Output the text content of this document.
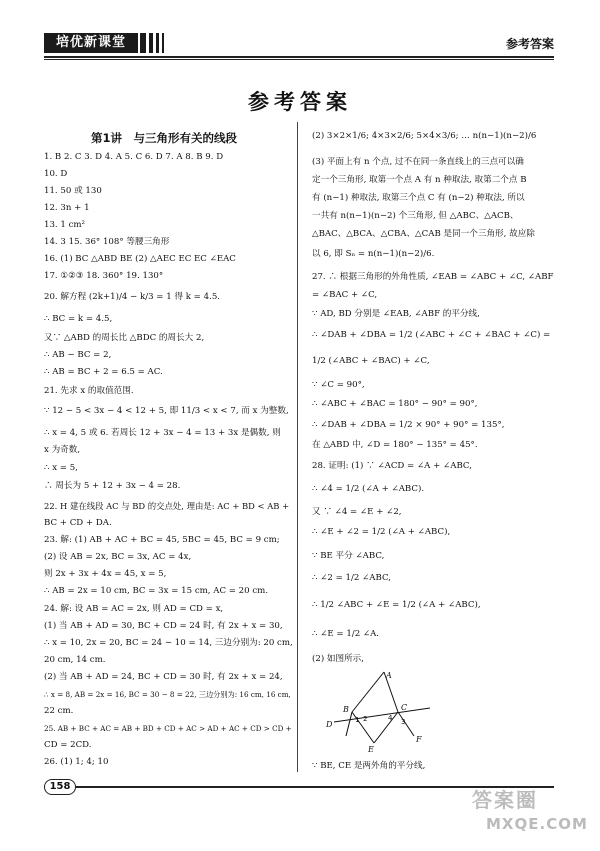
培优新课堂	参考答案
参考答案
第1讲　与三角形有关的线段
1. B 2. C 3. D 4. A 5. C 6. D 7. A 8. B 9. D
10. D
11. 50 或 130
12. 3n + 1
13. 1 cm²
14. 3 15. 36° 108° 等腰三角形
16. (1) BC △ABD BE (2) △AEC EC EC ∠EAC
17. ①②③ 18. 360° 19. 130°
20. 解方程 (2k+1)/4 − k/3 = 1 得 k = 4.5.
∴ BC = k = 4.5,
又∵ △ABD 的周长比 △BDC 的周长大 2,
∴ AB − BC = 2,
∴ AB = BC + 2 = 6.5 = AC.
21. 先求 x 的取值范围.
∵ 12 − 5 < 3x − 4 < 12 + 5, 即 11/3 < x < 7, 而 x 为整数,
∴ x = 4, 5 或 6. 若周长 12 + 3x − 4 = 13 + 3x 是偶数, 则
x 为奇数,
∴ x = 5,
∴ 周长为 5 + 12 + 3x − 4 = 28.
22. H 建在线段 AC 与 BD 的交点处, 理由是: AC + BD < AB +
BC + CD + DA.
23. 解: (1) AB + AC + BC = 45, 5BC = 45, BC = 9 cm;
(2) 设 AB = 2x, BC = 3x, AC = 4x,
则 2x + 3x + 4x = 45, x = 5,
∴ AB = 2x = 10 cm, BC = 3x = 15 cm, AC = 20 cm.
24. 解: 设 AB = AC = 2x, 则 AD = CD = x,
(1) 当 AB + AD = 30, BC + CD = 24 时, 有 2x + x = 30,
∴ x = 10, 2x = 20, BC = 24 − 10 = 14, 三边分别为: 20 cm,
20 cm, 14 cm.
(2) 当 AB + AD = 24, BC + CD = 30 时, 有 2x + x = 24,
∴ x = 8, AB = 2x = 16, BC = 30 − 8 = 22, 三边分别为: 16 cm, 16 cm,
22 cm.
25. AB + BC + AC = AB + BD + CD + AC > AD + AC + CD > CD +
CD = 2CD.
26. (1) 1; 4; 10
(2) 3×2×1/6; 4×3×2/6; 5×4×3/6; … n(n−1)(n−2)/6
(3) 平面上有 n 个点, 过不在同一条直线上的三点可以确
定一个三角形, 取第一个点 A 有 n 种取法, 取第二个点 B
有 (n−1) 种取法, 取第三个点 C 有 (n−2) 种取法, 所以
一共有 n(n−1)(n−2) 个三角形, 但 △ABC、△ACB、
△BAC、△BCA、△CBA、△CAB 是同一个三角形, 故应除
以 6, 即 Sₙ = n(n−1)(n−2)/6.
27. ∴ 根据三角形的外角性质, ∠EAB = ∠ABC + ∠C, ∠ABF
= ∠BAC + ∠C,
∵ AD, BD 分别是 ∠EAB, ∠ABF 的平分线,
∴ ∠DAB + ∠DBA = 1/2 (∠ABC + ∠C + ∠BAC + ∠C) =
1/2 (∠ABC + ∠BAC) + ∠C,
∵ ∠C = 90°,
∴ ∠ABC + ∠BAC = 180° − 90° = 90°,
∴ ∠DAB + ∠DBA = 1/2 × 90° + 90° = 135°,
在 △ABD 中, ∠D = 180° − 135° = 45°.
28. 证明: (1) ∵ ∠ACD = ∠A + ∠ABC,
∴ ∠4 = 1/2 (∠A + ∠ABC).
又 ∵ ∠4 = ∠E + ∠2,
∴ ∠E + ∠2 = 1/2 (∠A + ∠ABC),
∵ BE 平分 ∠ABC,
∴ ∠2 = 1/2 ∠ABC,
∴ 1/2 ∠ABC + ∠E = 1/2 (∠A + ∠ABC),
∴ ∠E = 1/2 ∠A.
(2) 如图所示,
∵ BE, CE 是两外角的平分线,
A
B	C
D
E
F
1 2	3
4
158
答案圈
MXQE.COM
